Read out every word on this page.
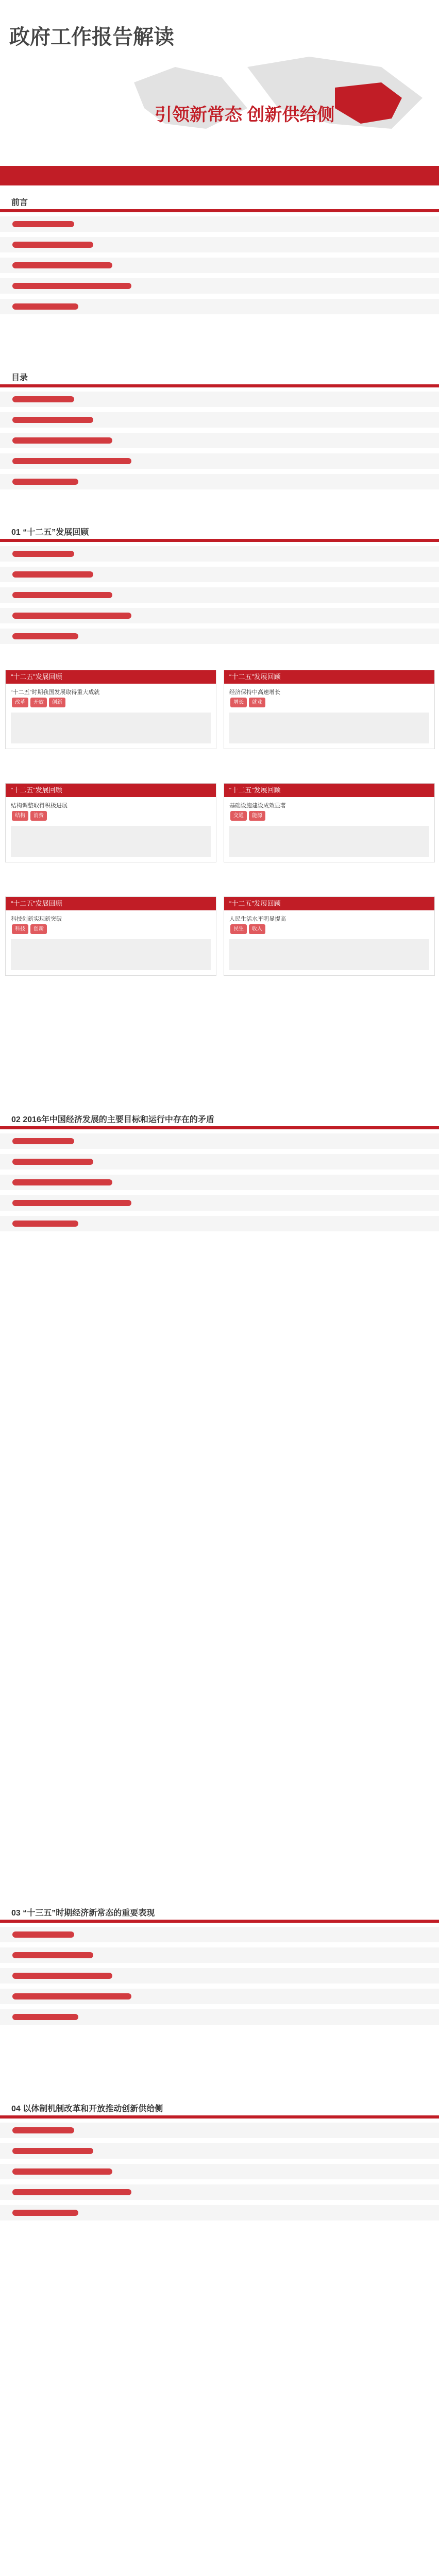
政府工作报告解读
引领新常态 创新供给侧
前言
目录
01 “十二五”发展回顾
02 2016年中国经济发展的主要目标和运行中存在的矛盾
03 “十三五”时期经济新常态的重要表现
04 以体制机制改革和开放推动创新供给侧
“十二五”发展回顾
“十二五”时期我国发展取得重大成就
改革 开放 创新
“十二五”发展回顾
经济保持中高速增长
增长 就业
“十二五”发展回顾
结构调整取得积极进展
结构 消费
“十二五”发展回顾
基础设施建设成效显著
交通 能源
“十二五”发展回顾
科技创新实现新突破
科技 创新
“十二五”发展回顾
人民生活水平明显提高
民生 收入
